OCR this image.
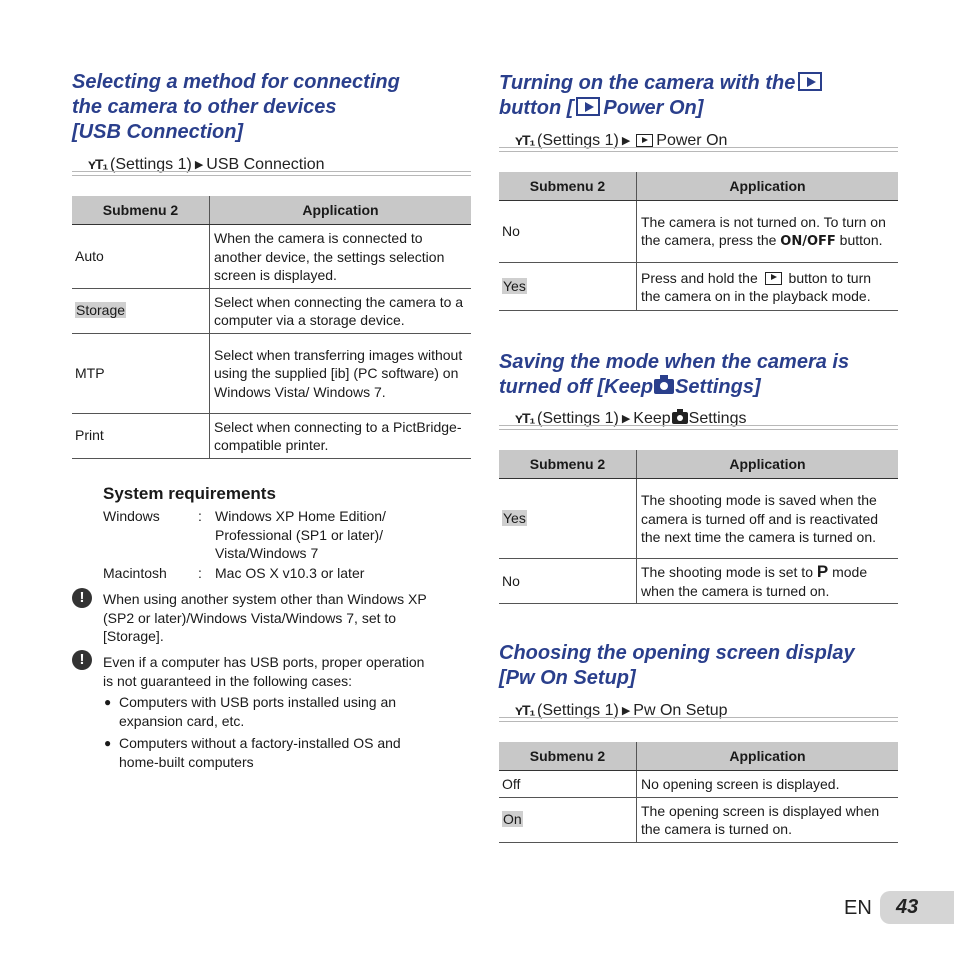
Selecting a method for connecting
the camera to other devices
[USB Connection]
ʏT₁ (Settings 1) ▶ USB Connection
Submenu 2	Application
Auto	When the camera is connected to another device, the settings selection screen is displayed.
Storage	Select when connecting the camera to a computer via a storage device.
MTP	Select when transferring images without using the supplied [ib] (PC software) on Windows Vista/ Windows 7.
Print	Select when connecting to a PictBridge-compatible printer.
System requirements
Windows	: Windows XP Home Edition/
Professional (SP1 or later)/
Vista/Windows 7
Macintosh : Mac OS X v10.3 or later
!	When using another system other than Windows XP
(SP2 or later)/Windows Vista/Windows 7, set to
[Storage].
!	Even if a computer has USB ports, proper operation
is not guaranteed in the following cases:
● Computers with USB ports installed using an
expansion card, etc.
● Computers without a factory-installed OS and
home-built computers
Turning on the camera with the
button [ Power On]
ʏT₁ (Settings 1) ▶ Power On
Submenu 2	Application
No	The camera is not turned on. To turn on the camera, press the ON/OFF button.
Yes	Press and hold the  button to turn the camera on in the playback mode.
Saving the mode when the camera is
turned off [Keep Settings]
ʏT₁ (Settings 1) ▶ Keep Settings
Submenu 2	Application
Yes	The shooting mode is saved when the camera is turned off and is reactivated the next time the camera is turned on.
No	The shooting mode is set to P mode when the camera is turned on.
Choosing the opening screen display
[Pw On Setup]
ʏT₁ (Settings 1) ▶ Pw On Setup
Submenu 2	Application
Off	No opening screen is displayed.
On	The opening screen is displayed when the camera is turned on.
EN	43
